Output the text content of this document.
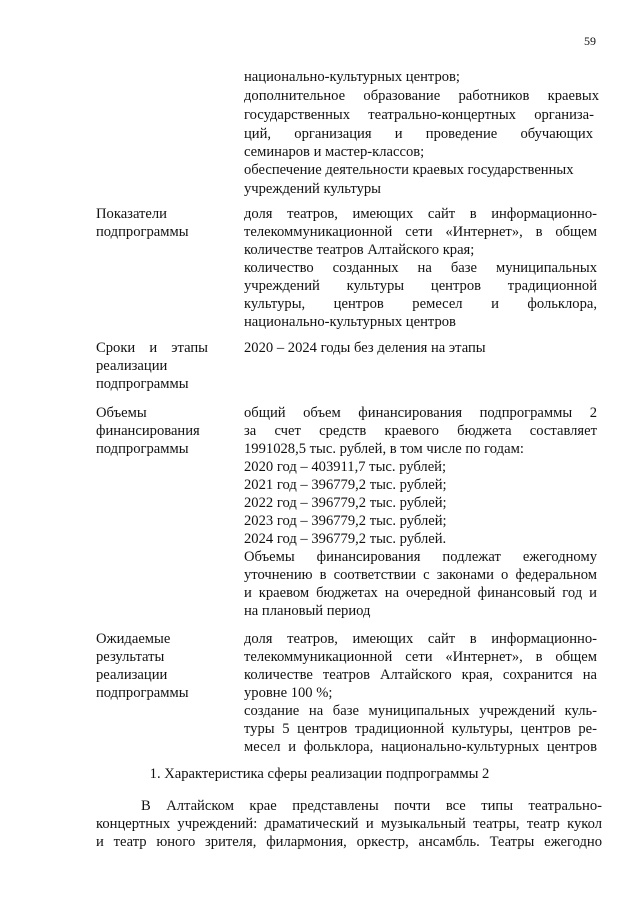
59
национально-культурных центров;
дополнительное образование работников краевых
государственных театрально-концертных организа-
ций, организация и проведение обучающих
семинаров и мастер-классов;
обеспечение деятельности краевых государственных
учреждений культуры
Показатели
подпрограммы
доля театров, имеющих сайт в информационно-
телекоммуникационной сети «Интернет», в общем
количестве театров Алтайского края;
количество созданных на базе муниципальных
учреждений культуры центров традиционной
культуры, центров ремесел и фольклора,
национально-культурных центров
Сроки и этапы
реализации
подпрограммы
2020 – 2024 годы без деления на этапы
Объемы
финансирования
подпрограммы
общий объем финансирования подпрограммы 2
за счет средств краевого бюджета составляет
1991028,5 тыс. рублей, в том числе по годам:
2020 год – 403911,7 тыс. рублей;
2021 год – 396779,2 тыс. рублей;
2022 год – 396779,2 тыс. рублей;
2023 год – 396779,2 тыс. рублей;
2024 год – 396779,2 тыс. рублей.
Объемы финансирования подлежат ежегодному
уточнению в соответствии с законами о федеральном
и краевом бюджетах на очередной финансовый год и
на плановый период
Ожидаемые
результаты
реализации
подпрограммы
доля театров, имеющих сайт в информационно-
телекоммуникационной сети «Интернет», в общем
количестве театров Алтайского края, сохранится на
уровне 100 %;
создание на базе муниципальных учреждений куль-
туры 5 центров традиционной культуры, центров ре-
месел и фольклора, национально-культурных центров
1. Характеристика сферы реализации подпрограммы 2
В Алтайском крае представлены почти все типы театрально-
концертных учреждений: драматический и музыкальный театры, театр кукол
и театр юного зрителя, филармония, оркестр, ансамбль. Театры ежегодно
